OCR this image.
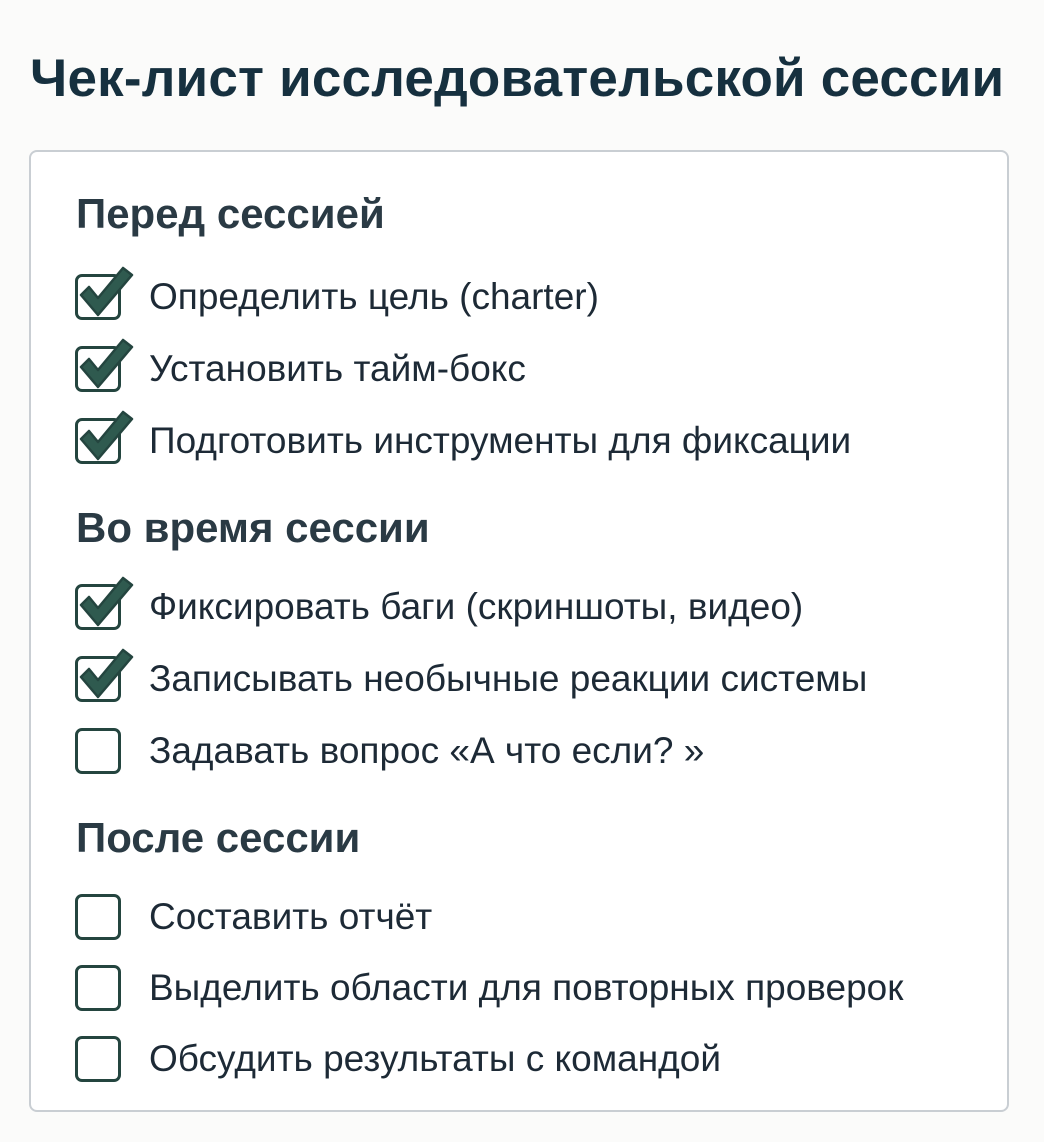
Чек-лист исследовательской сессии
Перед сессией
Определить цель (charter)
Установить тайм-бокс
Подготовить инструменты для фиксации
Во время сессии
Фиксировать баги (скриншоты, видео)
Записывать необычные реакции системы
Задавать вопрос «А что если? »
После сессии
Составить отчёт
Выделить области для повторных проверок
Обсудить результаты с командой
